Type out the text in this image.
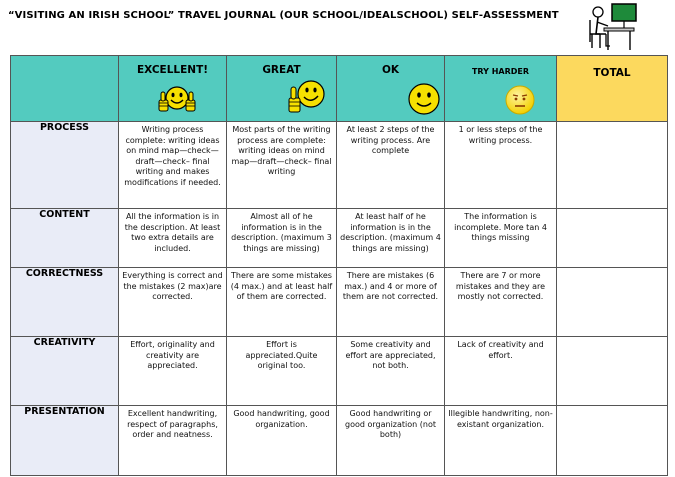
“VISITING AN IRISH SCHOOL” TRAVEL JOURNAL (OUR SCHOOL/IDEALSCHOOL) SELF-ASSESSMENT

	EXCELLENT!	GREAT	OK	TRY HARDER	TOTAL

PROCESS	Writing process complete: writing ideas on mind map—check—draft—check– final writing and makes modifications if needed.	Most parts of the writing process are complete: writing ideas on mind map—draft—check– final writing	At least 2 steps of the writing process. Are complete	1 or less steps of the writing process.	

CONTENT	All the information is in the description. At least two extra details are included.	Almost all of he information is in the description. (maximum 3 things are missing)	At least half of he information is in the description. (maximum 4 things are missing)	The information is incomplete. More tan 4 things missing	

CORRECTNESS	Everything is correct and the mistakes (2 max)are corrected.	There are some mistakes (4 max.) and at least half of them are corrected.	There are mistakes (6 max.) and 4 or more of them are not corrected.	There are 7 or more mistakes and they are mostly not corrected.	

CREATIVITY	Effort, originality and creativity are appreciated.	Effort is appreciated.Quite original too.	Some creativity and effort are appreciated, not both.	Lack of creativity and effort.	

PRESENTATION	Excellent handwriting, respect of paragraphs, order and neatness.	Good handwriting, good organization.	Good handwriting or good organization (not both)	Illegible handwriting, non-existant organization.	
